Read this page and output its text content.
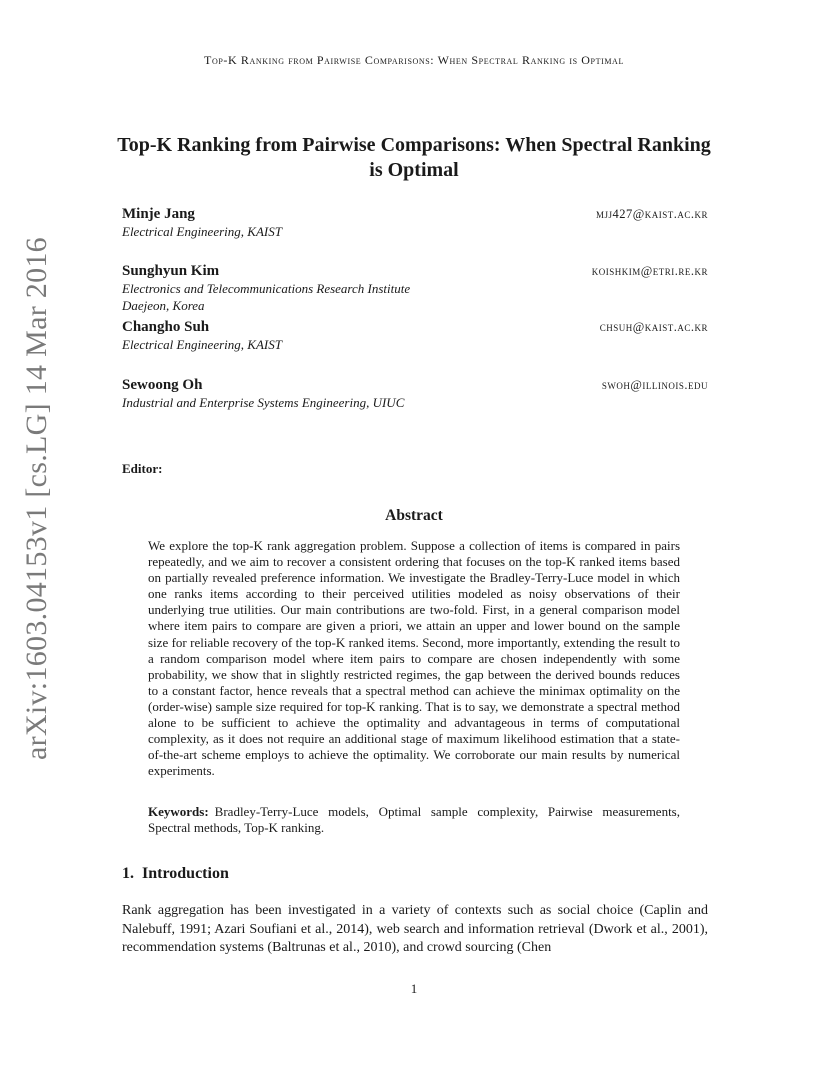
Top-K Ranking from Pairwise Comparisons: When Spectral Ranking is Optimal
arXiv:1603.04153v1 [cs.LG] 14 Mar 2016
Top-K Ranking from Pairwise Comparisons: When Spectral Ranking is Optimal
Minje Jang	mjj427@kaist.ac.kr
Electrical Engineering, KAIST
Sunghyun Kim	koishkim@etri.re.kr
Electronics and Telecommunications Research Institute
Daejeon, Korea
Changho Suh	chsuh@kaist.ac.kr
Electrical Engineering, KAIST
Sewoong Oh	swoh@illinois.edu
Industrial and Enterprise Systems Engineering, UIUC
Editor:
Abstract

We explore the top-K rank aggregation problem. Suppose a collection of items is compared in pairs repeatedly, and we aim to recover a consistent ordering that focuses on the top-K ranked items based on partially revealed preference information. We investigate the Bradley-Terry-Luce model in which one ranks items according to their perceived utilities modeled as noisy observations of their underlying true utilities. Our main contributions are two-fold. First, in a general comparison model where item pairs to compare are given a priori, we attain an upper and lower bound on the sample size for reliable recovery of the top-K ranked items. Second, more importantly, extending the result to a random comparison model where item pairs to compare are chosen independently with some probability, we show that in slightly restricted regimes, the gap between the derived bounds reduces to a constant factor, hence reveals that a spectral method can achieve the minimax optimality on the (order-wise) sample size required for top-K ranking. That is to say, we demonstrate a spectral method alone to be sufficient to achieve the optimality and advantageous in terms of computational complexity, as it does not require an additional stage of maximum likelihood estimation that a state-of-the-art scheme employs to achieve the optimality. We corroborate our main results by numerical experiments.

Keywords: Bradley-Terry-Luce models, Optimal sample complexity, Pairwise measurements, Spectral methods, Top-K ranking.

1. Introduction

Rank aggregation has been investigated in a variety of contexts such as social choice (Caplin and Nalebuff, 1991; Azari Soufiani et al., 2014), web search and information retrieval (Dwork et al., 2001), recommendation systems (Baltrunas et al., 2010), and crowd sourcing (Chen

1
